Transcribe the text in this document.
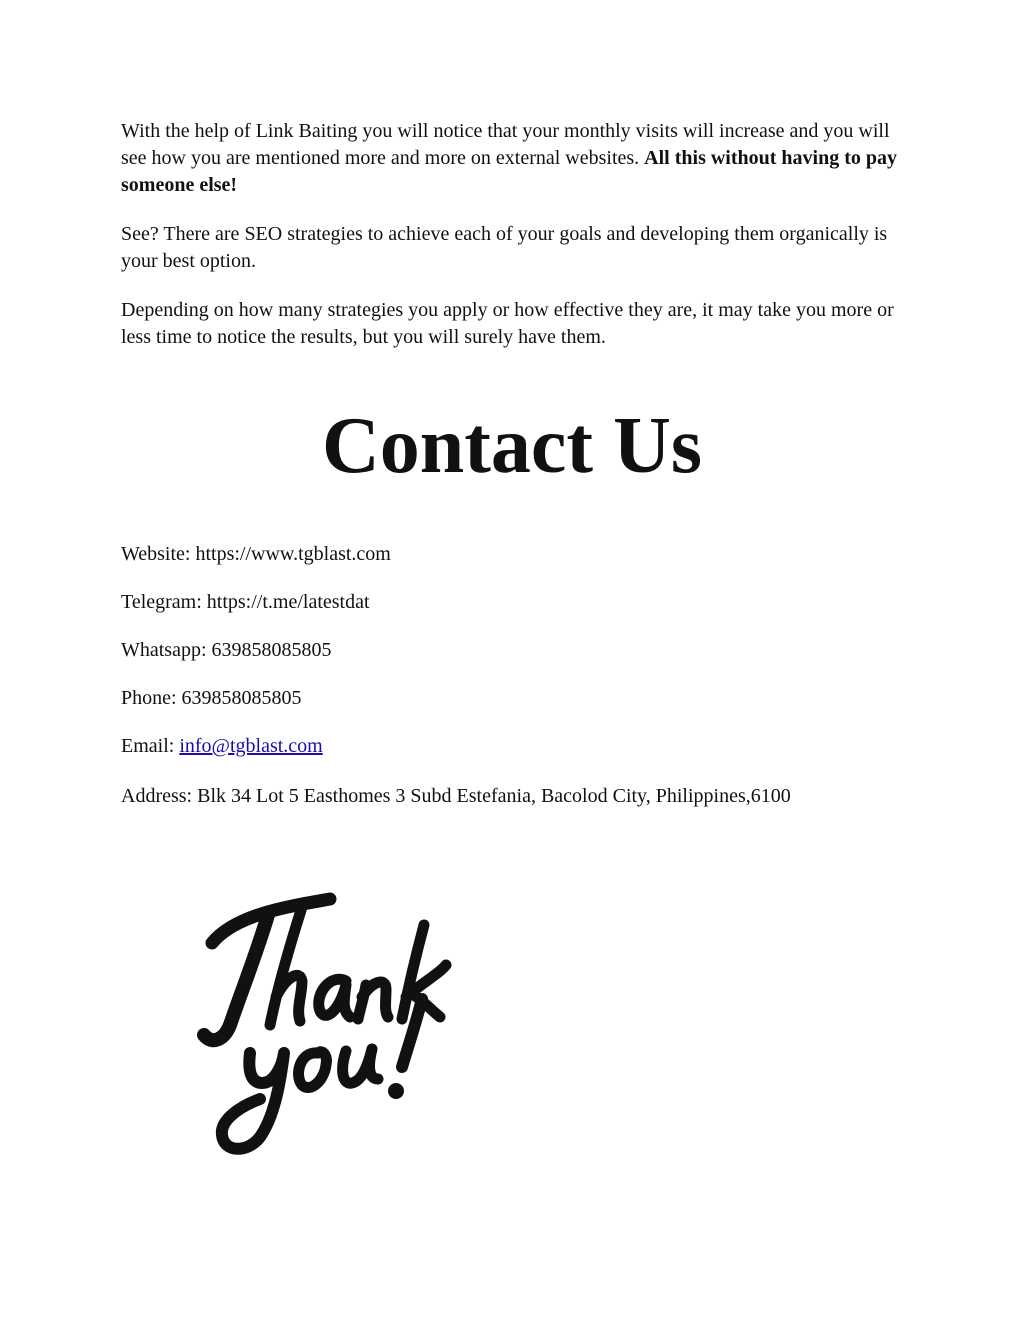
With the help of Link Baiting you will notice that your monthly visits will increase and you will see how you are mentioned more and more on external websites. All this without having to pay someone else!

See? There are SEO strategies to achieve each of your goals and developing them organically is your best option.

Depending on how many strategies you apply or how effective they are, it may take you more or less time to notice the results, but you will surely have them.

Contact Us

Website: https://www.tgblast.com

Telegram: https://t.me/latestdat

Whatsapp: 639858085805

Phone: 639858085805

Email: info@tgblast.com

Address: Blk 34 Lot 5 Easthomes 3 Subd Estefania, Bacolod City, Philippines,6100
